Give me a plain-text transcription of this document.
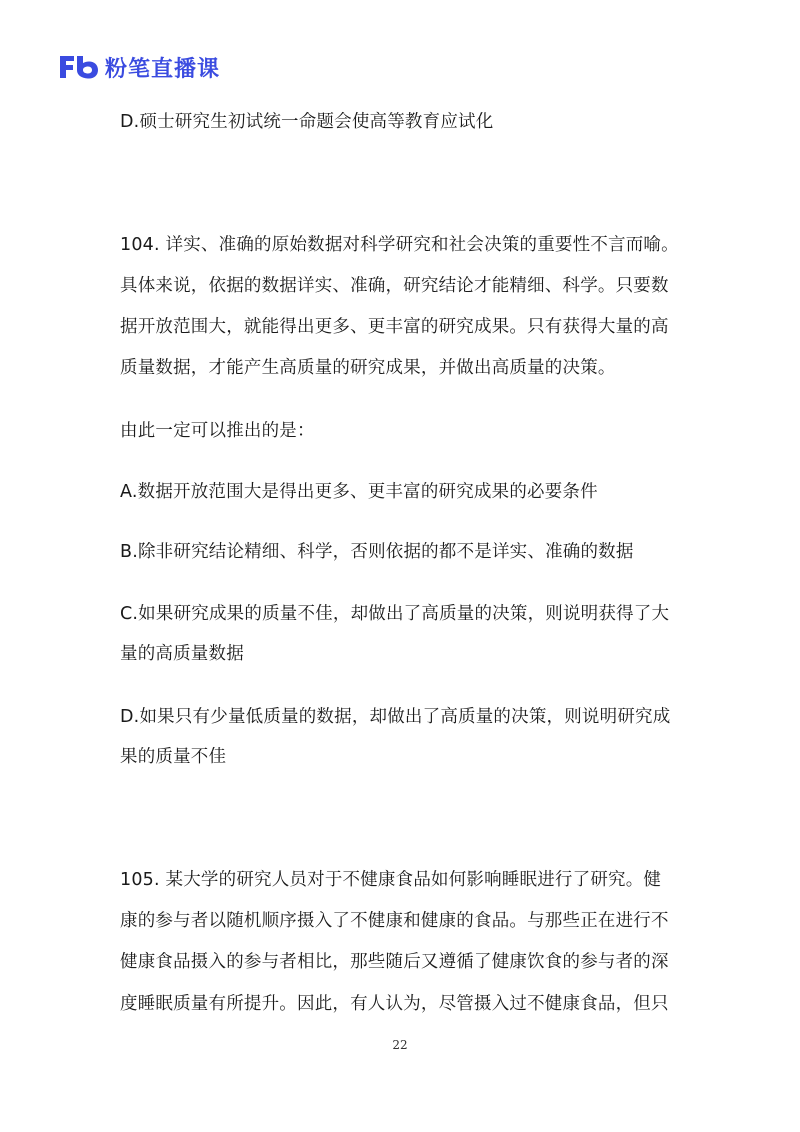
粉笔直播课
D.硕士研究生初试统一命题会使高等教育应试化
104. 详实、准确的原始数据对科学研究和社会决策的重要性不言而喻。
具体来说，依据的数据详实、准确，研究结论才能精细、科学。只要数
据开放范围大，就能得出更多、更丰富的研究成果。只有获得大量的高
质量数据，才能产生高质量的研究成果，并做出高质量的决策。
由此一定可以推出的是：
A.数据开放范围大是得出更多、更丰富的研究成果的必要条件
B.除非研究结论精细、科学，否则依据的都不是详实、准确的数据
C.如果研究成果的质量不佳，却做出了高质量的决策，则说明获得了大
量的高质量数据
D.如果只有少量低质量的数据，却做出了高质量的决策，则说明研究成
果的质量不佳
105. 某大学的研究人员对于不健康食品如何影响睡眠进行了研究。健
康的参与者以随机顺序摄入了不健康和健康的食品。与那些正在进行不
健康食品摄入的参与者相比，那些随后又遵循了健康饮食的参与者的深
度睡眠质量有所提升。因此，有人认为，尽管摄入过不健康食品，但只
22
